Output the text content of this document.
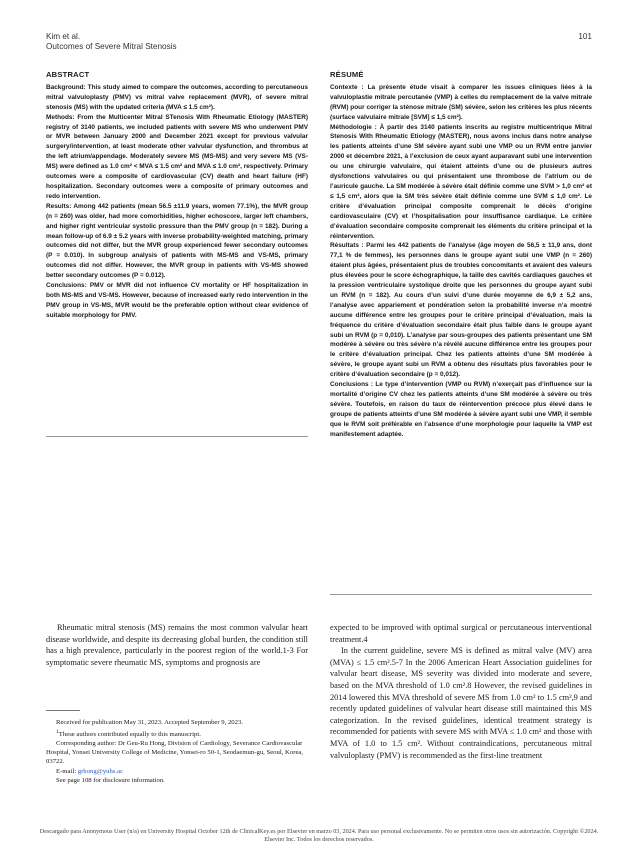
Kim et al.
Outcomes of Severe Mitral Stenosis
101
ABSTRACT

Background: This study aimed to compare the outcomes, according to percutaneous mitral valvuloplasty (PMV) vs mitral valve replacement (MVR), of severe mitral stenosis (MS) with the updated criteria (MVA ≤ 1.5 cm²).

Methods: From the Multicenter Mitral STenosis With Rheumatic Etiology (MASTER) registry of 3140 patients, we included patients with severe MS who underwent PMV or MVR between January 2000 and December 2021 except for previous valvular surgery/intervention, at least moderate other valvular dysfunction, and thrombus at the left atrium/appendage. Moderately severe MS (MS-MS) and very severe MS (VS-MS) were defined as 1.0 cm² < MVA ≤ 1.5 cm² and MVA ≤ 1.0 cm², respectively. Primary outcomes were a composite of cardiovascular (CV) death and heart failure (HF) hospitalization. Secondary outcomes were a composite of primary outcomes and redo intervention.

Results: Among 442 patients (mean 56.5 ±11.9 years, women 77.1%), the MVR group (n = 260) was older, had more comorbidities, higher echoscore, larger left chambers, and higher right ventricular systolic pressure than the PMV group (n = 182). During a mean follow-up of 6.9 ± 5.2 years with inverse probability-weighted matching, primary outcomes did not differ, but the MVR group experienced fewer secondary outcomes (P = 0.010). In subgroup analysis of patients with MS-MS and VS-MS, primary outcomes did not differ. However, the MVR group in patients with VS-MS showed better secondary outcomes (P = 0.012).

Conclusions: PMV or MVR did not influence CV mortality or HF hospitalization in both MS-MS and VS-MS. However, because of increased early redo intervention in the PMV group in VS-MS, MVR would be the preferable option without clear evidence of suitable morphology for PMV.

RÉSUMÉ

Contexte : La présente étude visait à comparer les issues cliniques liées à la valvuloplastie mitrale percutanée (VMP) à celles du remplacement de la valve mitrale (RVM) pour corriger la sténose mitrale (SM) sévère, selon les critères les plus récents (surface valvulaire mitrale [SVM] ≤ 1,5 cm²).

Méthodologie : À partir des 3140 patients inscrits au registre multicentrique Mitral Stenosis With Rheumatic Etiology (MASTER), nous avons inclus dans notre analyse les patients atteints d’une SM sévère ayant subi une VMP ou un RVM entre janvier 2000 et décembre 2021, à l’exclusion de ceux ayant auparavant subi une intervention ou une chirurgie valvulaire, qui étaient atteints d’une ou de plusieurs autres dysfonctions valvulaires ou qui présentaient une thrombose de l’atrium ou de l’auricule gauche. La SM modérée à sévère était définie comme une SVM > 1,0 cm² et ≤ 1,5 cm², alors que la SM très sévère était définie comme une SVM ≤ 1,0 cm². Le critère d’évaluation principal composite comprenait le décès d’origine cardiovasculaire (CV) et l’hospitalisation pour insuffisance cardiaque. Le critère d’évaluation secondaire composite comprenait les éléments du critère principal et la réintervention.

Résultats : Parmi les 442 patients de l’analyse (âge moyen de 56,5 ± 11,9 ans, dont 77,1 % de femmes), les personnes dans le groupe ayant subi une VMP (n = 260) étaient plus âgées, présentaient plus de troubles concomitants et avaient des valeurs plus élevées pour le score échographique, la taille des cavités cardiaques gauches et la pression ventriculaire systolique droite que les personnes du groupe ayant subi un RVM (n = 182). Au cours d’un suivi d’une durée moyenne de 6,9 ± 5,2 ans, l’analyse avec appariement et pondération selon la probabilité inverse n’a montré aucune différence entre les groupes pour le critère principal d’évaluation, mais la fréquence du critère d’évaluation secondaire était plus faible dans le groupe ayant subi un RVM (p = 0,010). L’analyse par sous-groupes des patients présentant une SM modérée à sévère ou très sévère n’a révélé aucune différence entre les groupes pour le critère d’évaluation principal. Chez les patients atteints d’une SM modérée à sévère, le groupe ayant subi un RVM a obtenu des résultats plus favorables pour le critère d’évaluation secondaire (p = 0,012).

Conclusions : Le type d’intervention (VMP ou RVM) n’exerçait pas d’influence sur la mortalité d’origine CV chez les patients atteints d’une SM modérée à sévère ou très sévère. Toutefois, en raison du taux de réintervention précoce plus élevé dans le groupe de patients atteints d’une SM modérée à sévère ayant subi une VMP, il semble que le RVM soit préférable en l’absence d’une morphologie pour laquelle la VMP est manifestement adaptée.

Rheumatic mitral stenosis (MS) remains the most common valvular heart disease worldwide, and despite its decreasing global burden, the condition still has a high prevalence, particularly in the poorest region of the world.1-3 For symptomatic severe rheumatic MS, symptoms and prognosis are

expected to be improved with optimal surgical or percutaneous interventional treatment.4

In the current guideline, severe MS is defined as mitral valve (MV) area (MVA) ≤ 1.5 cm².5-7 In the 2006 American Heart Association guidelines for valvular heart disease, MS severity was divided into moderate and severe, based on the MVA threshold of 1.0 cm².8 However, the revised guidelines in 2014 lowered this MVA threshold of severe MS from 1.0 cm² to 1.5 cm²,9 and recently updated guidelines of valvular heart disease still maintained this MS categorization. In the revised guidelines, identical treatment strategy is recommended for patients with severe MS with MVA ≤ 1.0 cm² and those with MVA of 1.0 to 1.5 cm². Without contraindications, percutaneous mitral valvuloplasty (PMV) is recommended as the first-line treatment

Received for publication May 31, 2023. Accepted September 9, 2023.

$^1$These authors contributed equally to this manuscript.

Corresponding author: Dr Geu-Ru Hong, Division of Cardiology, Severance Cardiovascular Hospital, Yonsei University College of Medicine, Yonsei-ro 50-1, Seodaemun-gu, Seoul, Korea, 03722.

E-mail: grhong@yuhs.ac

See page 108 for disclosure information.

Descargado para Anonymous User (n/a) en University Hospital October 12th de ClinicalKey.es por Elsevier en marzo 03, 2024. Para uso personal exclusivamente. No se permiten otros usos sin autorización. Copyright ©2024. Elsevier Inc. Todos los derechos reservados.
